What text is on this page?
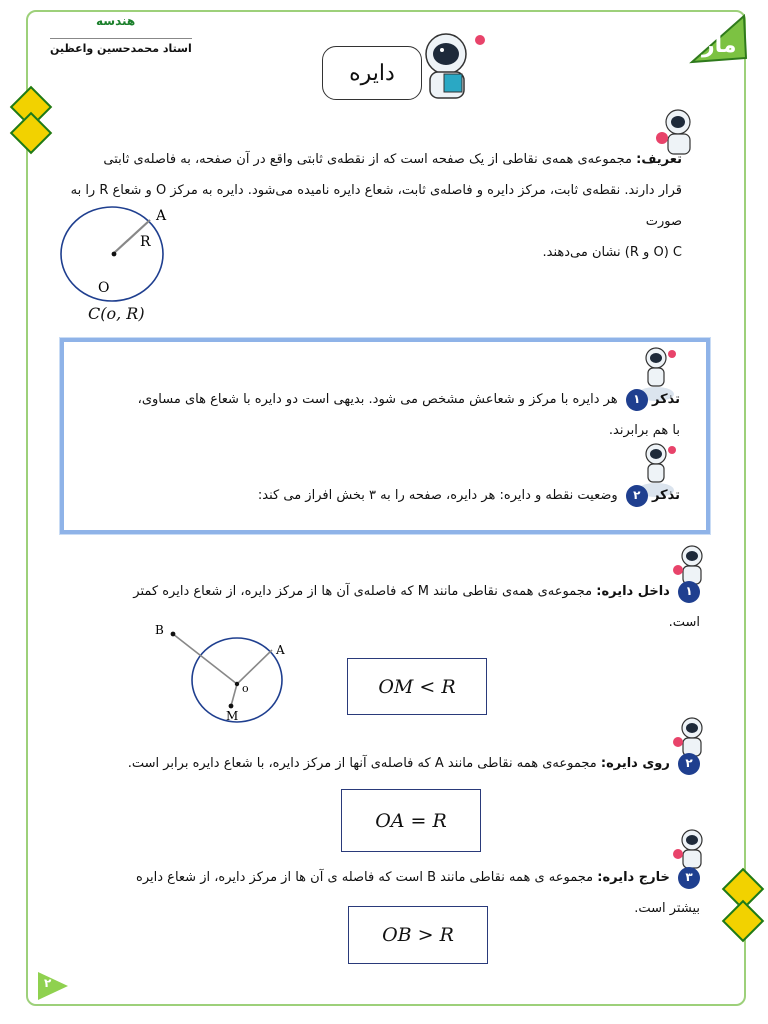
هندسه
استاد محمدحسین واعظین	ماز
دایره
تعریف: مجموعه‌ی همه‌ی نقاطی از یک صفحه است که از نقطه‌ی ثابتی واقع در آن صفحه، به فاصله‌ی ثابتی
قرار دارند. نقطه‌ی ثابت، مرکز دایره و فاصله‌ی ثابت، شعاع دایره نامیده می‌شود. دایره به مرکز O و شعاع R را به صورت
C (O و R) نشان می‌دهند.
A
R
O
C(o, R)
تذکر ۱ هر دایره با مرکز و شعاعش مشخص می شود. بدیهی است دو دایره با شعاع های مساوی،
با هم برابرند.
تذکر ۲ وضعیت نقطه و دایره: هر دایره، صفحه را به ۳ بخش افراز می کند:
۱ داخل دایره: مجموعه‌ی همه‌ی نقاطی مانند M که فاصله‌ی آن ها از مرکز دایره، از شعاع دایره کمتر
است.
B
A
o
M
OM < R
۲ روی دایره: مجموعه‌ی همه نقاطی مانند A که فاصله‌ی آنها از مرکز دایره، با شعاع دایره برابر است.
OA = R
۳ خارج دایره: مجموعه ی همه نقاطی مانند B است که فاصله ی آن ها از مرکز دایره، از شعاع دایره
بیشتر است.
OB > R
۲
